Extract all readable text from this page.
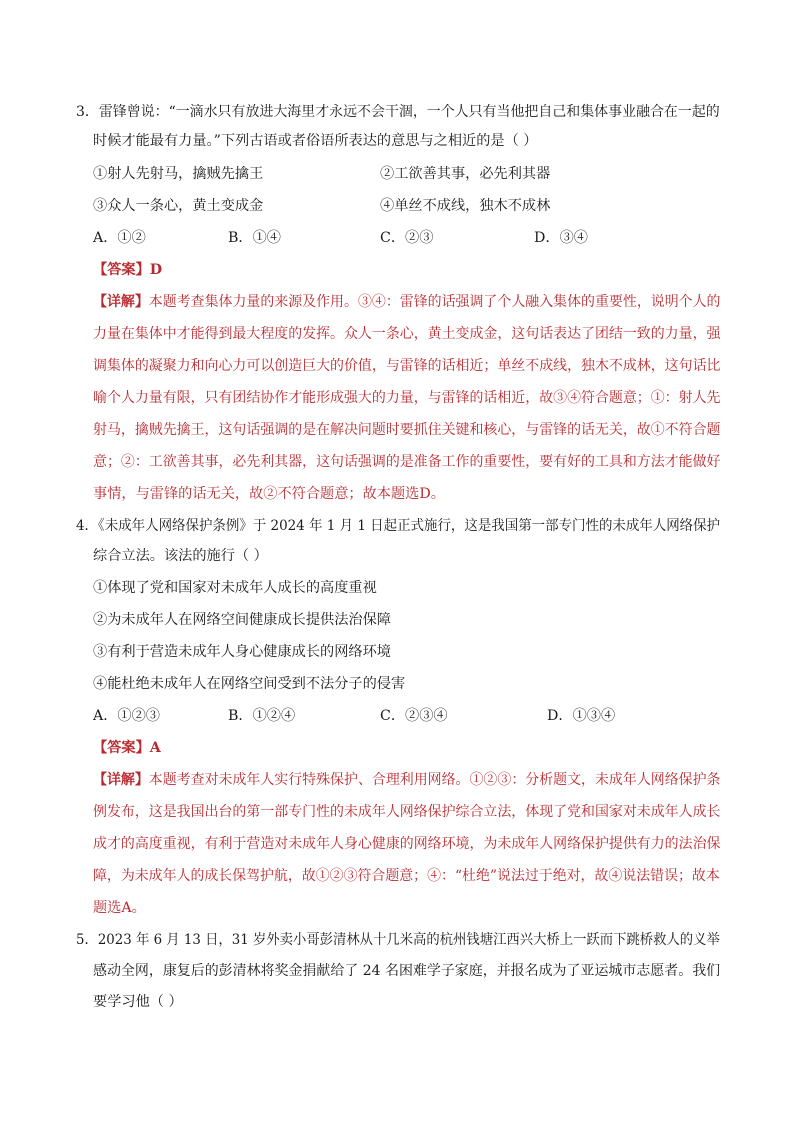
3．雷锋曾说：“一滴水只有放进大海里才永远不会干涸，一个人只有当他把自己和集体事业融合在一起的
时候才能最有力量。”下列古语或者俗语所表达的意思与之相近的是（ ）
①射人先射马，擒贼先擒王	②工欲善其事，必先利其器
③众人一条心，黄土变成金	④单丝不成线，独木不成林
A．①②	B．①④	C．②③	D．③④
【答案】D
【详解】本题考查集体力量的来源及作用。③④：雷锋的话强调了个人融入集体的重要性，说明个人的
力量在集体中才能得到最大程度的发挥。众人一条心，黄土变成金，这句话表达了团结一致的力量，强
调集体的凝聚力和向心力可以创造巨大的价值，与雷锋的话相近；单丝不成线，独木不成林，这句话比
喻个人力量有限，只有团结协作才能形成强大的力量，与雷锋的话相近，故③④符合题意；①：射人先
射马，擒贼先擒王，这句话强调的是在解决问题时要抓住关键和核心，与雷锋的话无关，故①不符合题
意；②：工欲善其事，必先利其器，这句话强调的是准备工作的重要性，要有好的工具和方法才能做好
事情，与雷锋的话无关，故②不符合题意；故本题选D。
4．《未成年人网络保护条例》于 2024 年 1 月 1 日起正式施行，这是我国第一部专门性的未成年人网络保护
综合立法。该法的施行（ ）
①体现了党和国家对未成年人成长的高度重视
②为未成年人在网络空间健康成长提供法治保障
③有利于营造未成年人身心健康成长的网络环境
④能杜绝未成年人在网络空间受到不法分子的侵害
A．①②③	B．①②④	C．②③④	D．①③④
【答案】A
【详解】本题考查对未成年人实行特殊保护、合理利用网络。①②③：分析题文，未成年人网络保护条
例发布，这是我国出台的第一部专门性的未成年人网络保护综合立法，体现了党和国家对未成年人成长
成才的高度重视，有利于营造对未成年人身心健康的网络环境，为未成年人网络保护提供有力的法治保
障，为未成年人的成长保驾护航，故①②③符合题意；④：“杜绝”说法过于绝对，故④说法错误；故本
题选A。
5．2023 年 6 月 13 日，31 岁外卖小哥彭清林从十几米高的杭州钱塘江西兴大桥上一跃而下跳桥救人的义举
感动全网，康复后的彭清林将奖金捐献给了 24 名困难学子家庭，并报名成为了亚运城市志愿者。我们
要学习他（ ）
